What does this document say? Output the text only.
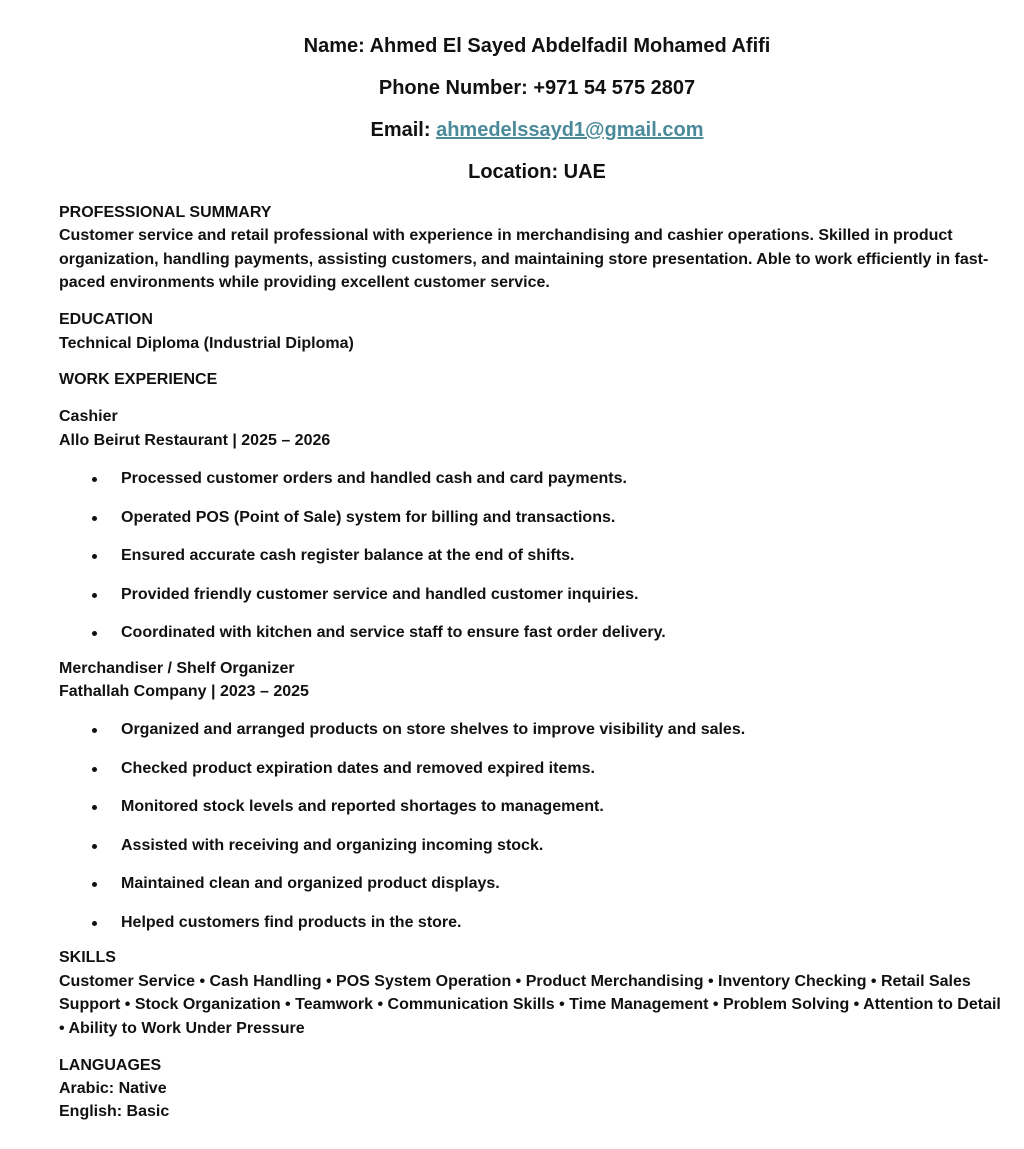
Name: Ahmed El Sayed Abdelfadil Mohamed Afifi
Phone Number: +971 54 575 2807
Email: ahmedelssayd1@gmail.com
Location: UAE

PROFESSIONAL SUMMARY

Customer service and retail professional with experience in merchandising and cashier operations. Skilled in product organization, handling payments, assisting customers, and maintaining store presentation. Able to work efficiently in fast-paced environments while providing excellent customer service.

EDUCATION

Technical Diploma (Industrial Diploma)

WORK EXPERIENCE

Cashier

Allo Beirut Restaurant | 2025 – 2026

Processed customer orders and handled cash and card payments.
Operated POS (Point of Sale) system for billing and transactions.
Ensured accurate cash register balance at the end of shifts.
Provided friendly customer service and handled customer inquiries.
Coordinated with kitchen and service staff to ensure fast order delivery.

Merchandiser / Shelf Organizer

Fathallah Company | 2023 – 2025

Organized and arranged products on store shelves to improve visibility and sales.
Checked product expiration dates and removed expired items.
Monitored stock levels and reported shortages to management.
Assisted with receiving and organizing incoming stock.
Maintained clean and organized product displays.
Helped customers find products in the store.

SKILLS

Customer Service • Cash Handling • POS System Operation • Product Merchandising • Inventory Checking • Retail Sales Support • Stock Organization • Teamwork • Communication Skills • Time Management • Problem Solving • Attention to Detail • Ability to Work Under Pressure

LANGUAGES

Arabic: Native

English: Basic
